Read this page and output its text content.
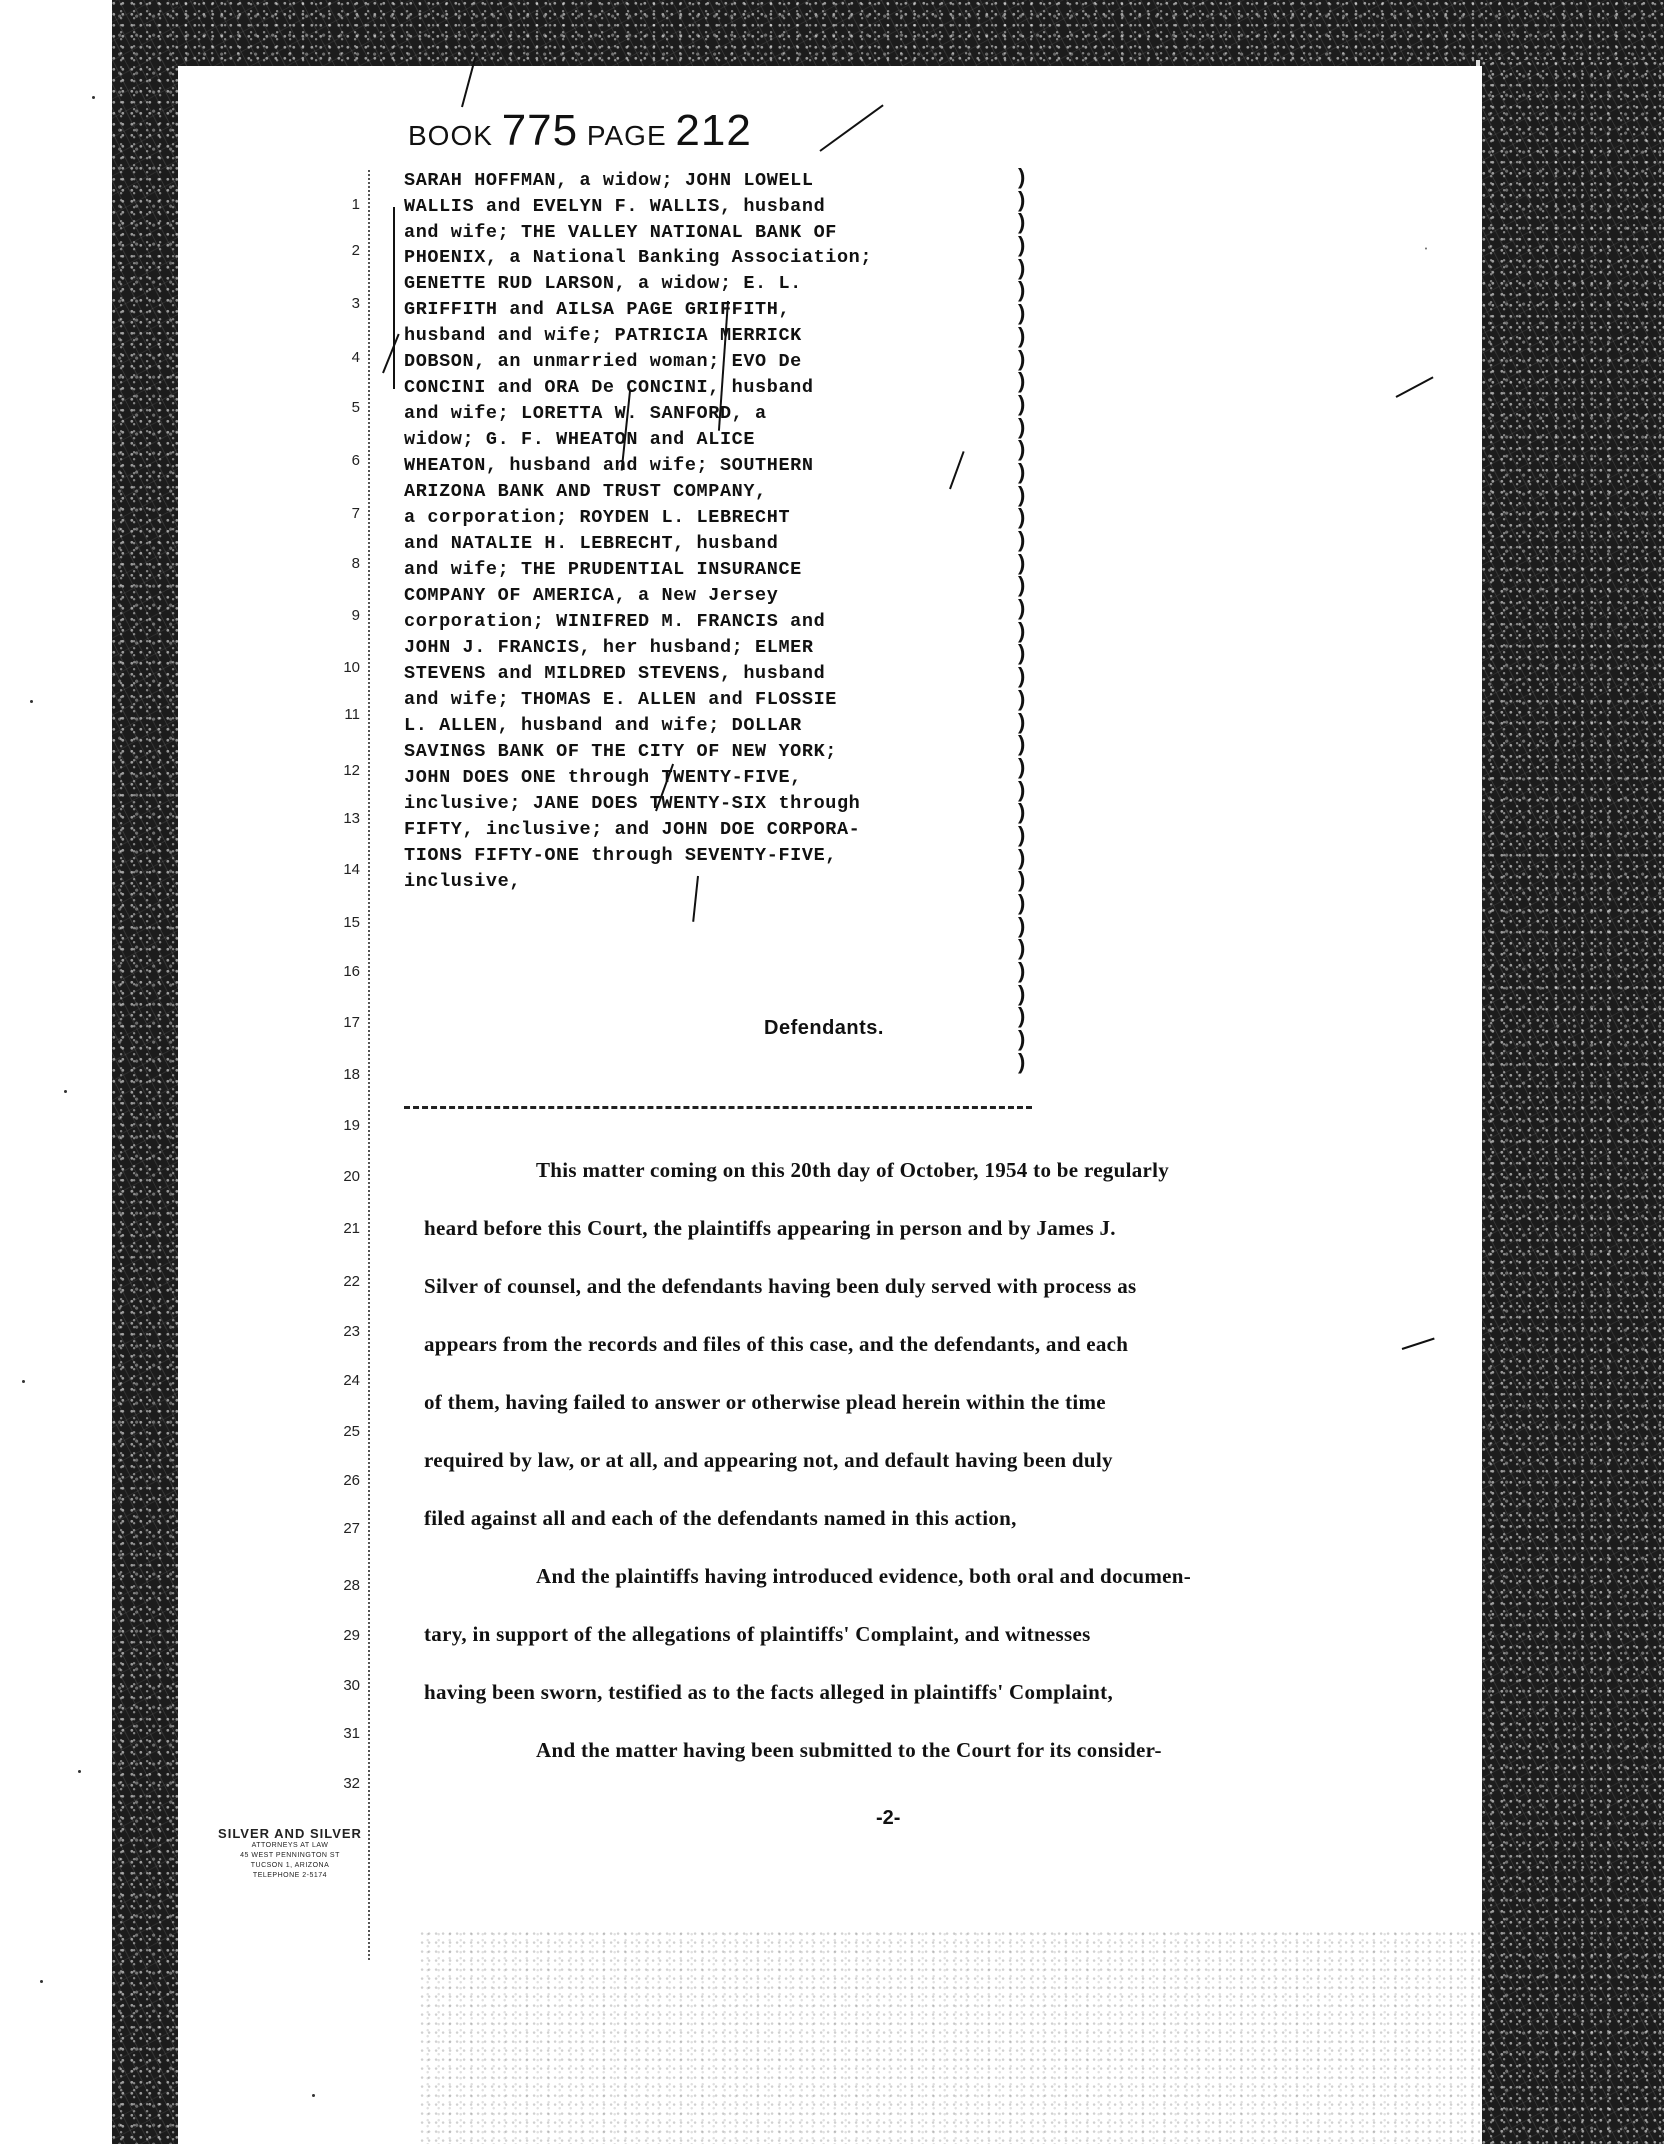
BOOK 775 PAGE 212
.
1
2
3
4
5
6
7
8
9
10
11
12
13
14
15
16
17
18
19
20
21
22
23
24
25
26
27
28
29
30
31
32
SARAH HOFFMAN, a widow; JOHN LOWELL
WALLIS and EVELYN F. WALLIS, husband
and wife; THE VALLEY NATIONAL BANK OF
PHOENIX, a National Banking Association;
GENETTE RUD LARSON, a widow; E. L.
GRIFFITH and AILSA PAGE GRIFFITH,
husband and wife; PATRICIA MERRICK
DOBSON, an unmarried woman; EVO De
CONCINI and ORA De CONCINI, husband
and wife; LORETTA W. SANFORD, a
widow; G. F. WHEATON and ALICE
WHEATON, husband and wife; SOUTHERN
ARIZONA BANK AND TRUST COMPANY,
a corporation; ROYDEN L. LEBRECHT
and NATALIE H. LEBRECHT, husband
and wife; THE PRUDENTIAL INSURANCE
COMPANY OF AMERICA, a New Jersey
corporation; WINIFRED M. FRANCIS and
JOHN J. FRANCIS, her husband; ELMER
STEVENS and MILDRED STEVENS, husband
and wife; THOMAS E. ALLEN and FLOSSIE
L. ALLEN, husband and wife; DOLLAR
SAVINGS BANK OF THE CITY OF NEW YORK;
JOHN DOES ONE through TWENTY-FIVE,
inclusive; JANE DOES TWENTY-SIX through
FIFTY, inclusive; and JOHN DOE CORPORA-
TIONS FIFTY-ONE through SEVENTY-FIVE,
inclusive,
Defendants.
)
)
)
)
)
)
)
)
)
)
)
)
)
)
)
)
)
)
)
)
)
)
)
)
)
)
)
)
)
)
)
)
)
)
)
)
)
)
)
)
This matter coming on this 20th day of October, 1954 to be regularly
heard before this Court, the plaintiffs appearing in person and by James J.
Silver of counsel, and the defendants having been duly served with process as
appears from the records and files of this case, and the defendants, and each
of them, having failed to answer or otherwise plead herein within the time
required by law, or at all, and appearing not, and default having been duly
filed against all and each of the defendants named in this action,
And the plaintiffs having introduced evidence, both oral and documen-
tary, in support of the allegations of plaintiffs' Complaint, and witnesses
having been sworn, testified as to the facts alleged in plaintiffs' Complaint,
And the matter having been submitted to the Court for its consider-
-2-
SILVER AND SILVER
ATTORNEYS AT LAW
45 WEST PENNINGTON ST
TUCSON 1, ARIZONA
TELEPHONE 2-5174
